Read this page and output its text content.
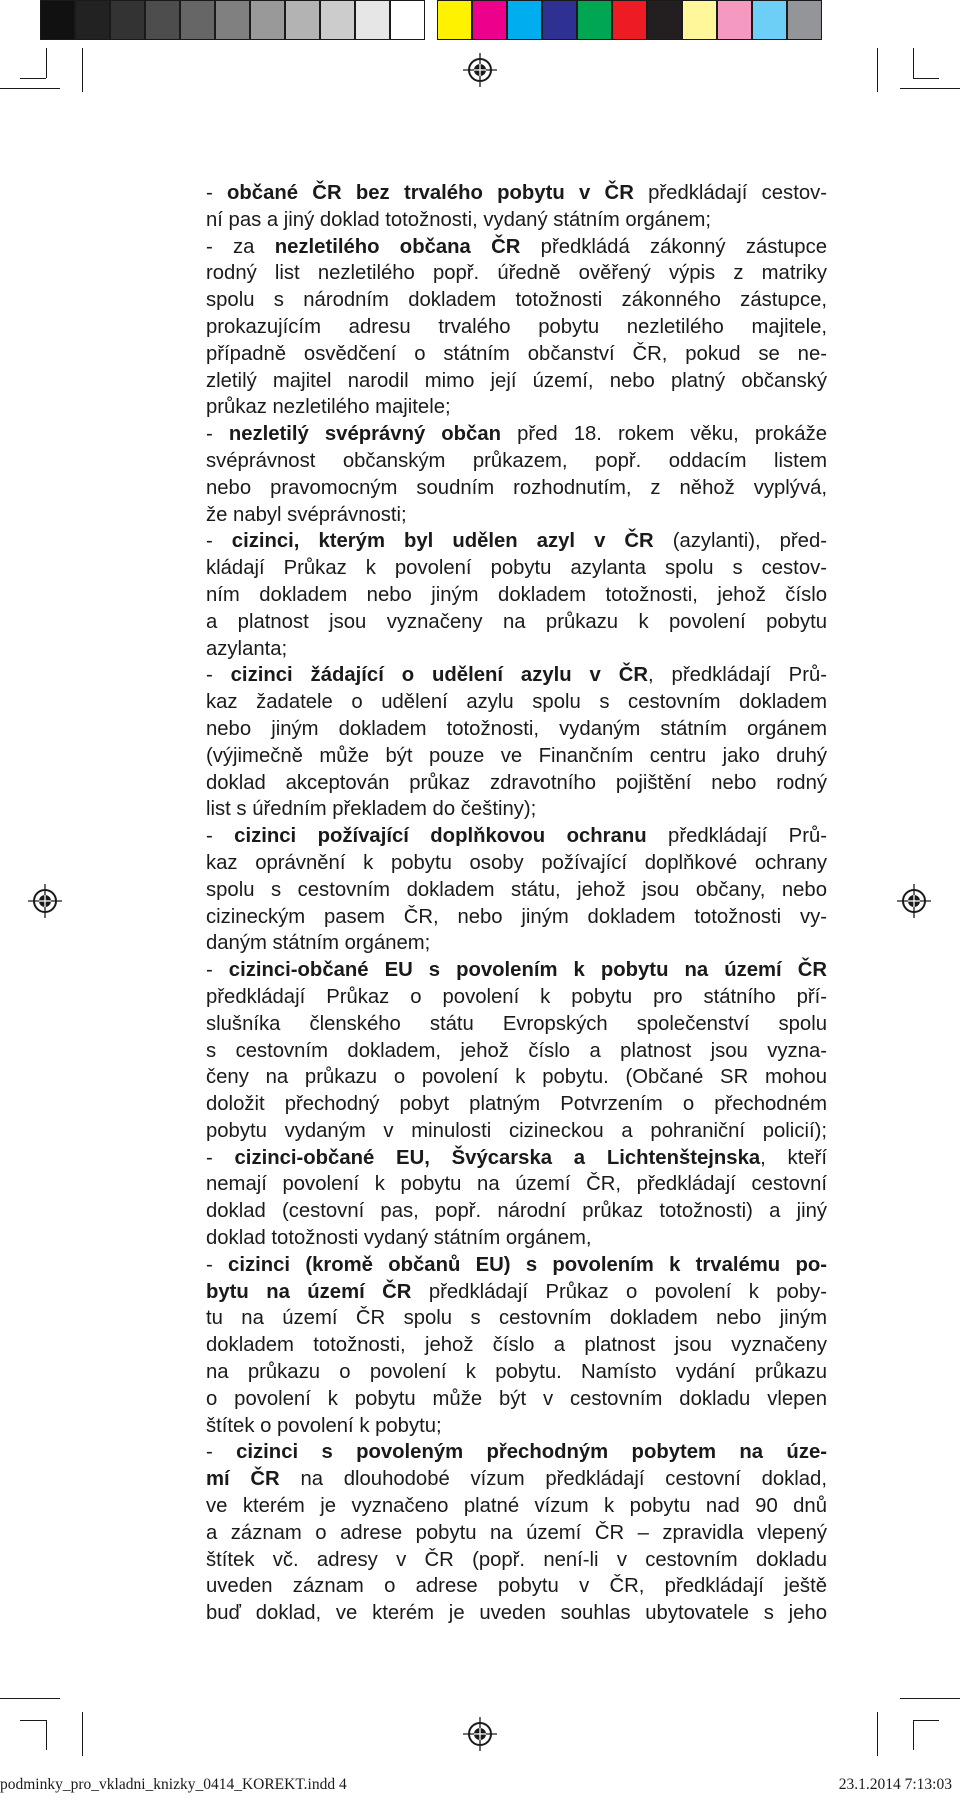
- občané ČR bez trvalého pobytu v ČR předkládají cestov-
ní pas a jiný doklad totožnosti, vydaný státním orgánem;
- za nezletilého občana ČR předkládá zákonný zástupce
rodný list nezletilého popř. úředně ověřený výpis z matriky
spolu s národním dokladem totožnosti zákonného zástupce,
prokazujícím adresu trvalého pobytu nezletilého majitele,
případně osvědčení o státním občanství ČR, pokud se ne-
zletilý majitel narodil mimo její území, nebo platný občanský
průkaz nezletilého majitele;
- nezletilý svéprávný občan před 18. rokem věku, prokáže
svéprávnost občanským průkazem, popř. oddacím listem
nebo pravomocným soudním rozhodnutím, z něhož vyplývá,
že nabyl svéprávnosti;
- cizinci, kterým byl udělen azyl v ČR (azylanti), před-
kládají Průkaz k povolení pobytu azylanta spolu s cestov-
ním dokladem nebo jiným dokladem totožnosti, jehož číslo
a platnost jsou vyznačeny na průkazu k povolení pobytu
azylanta;
- cizinci žádající o udělení azylu v ČR, předkládají Prů-
kaz žadatele o udělení azylu spolu s cestovním dokladem
nebo jiným dokladem totožnosti, vydaným státním orgánem
(výjimečně může být pouze ve Finančním centru jako druhý
doklad akceptován průkaz zdravotního pojištění nebo rodný
list s úředním překladem do češtiny);
- cizinci požívající doplňkovou ochranu předkládají Prů-
kaz oprávnění k pobytu osoby požívající doplňkové ochrany
spolu s cestovním dokladem státu, jehož jsou občany, nebo
cizineckým pasem ČR, nebo jiným dokladem totožnosti vy-
daným státním orgánem;
- cizinci-občané EU s povolením k pobytu na území ČR
předkládají Průkaz o povolení k pobytu pro státního pří-
slušníka členského státu Evropských společenství spolu
s cestovním dokladem, jehož číslo a platnost jsou vyzna-
čeny na průkazu o povolení k pobytu. (Občané SR mohou
doložit přechodný pobyt platným Potvrzením o přechodném
pobytu vydaným v minulosti cizineckou a pohraniční policií);
- cizinci-občané EU, Švýcarska a Lichtenštejnska, kteří
nemají povolení k pobytu na území ČR, předkládají cestovní
doklad (cestovní pas, popř. národní průkaz totožnosti) a jiný
doklad totožnosti vydaný státním orgánem,
- cizinci (kromě občanů EU) s povolením k trvalému po-
bytu na území ČR předkládají Průkaz o povolení k poby-
tu na území ČR spolu s cestovním dokladem nebo jiným
dokladem totožnosti, jehož číslo a platnost jsou vyznačeny
na průkazu o povolení k pobytu. Namísto vydání průkazu
o povolení k pobytu může být v cestovním dokladu vlepen
štítek o povolení k pobytu;
- cizinci s povoleným přechodným pobytem na úze-
mí ČR na dlouhodobé vízum předkládají cestovní doklad,
ve kterém je vyznačeno platné vízum k pobytu nad 90 dnů
a záznam o adrese pobytu na území ČR – zpravidla vlepený
štítek vč. adresy v ČR (popř. není-li v cestovním dokladu
uveden záznam o adrese pobytu v ČR, předkládají ještě
buď doklad, ve kterém je uveden souhlas ubytovatele s jeho
podminky_pro_vkladni_knizky_0414_KOREKT.indd 4	23.1.2014 7:13:03
